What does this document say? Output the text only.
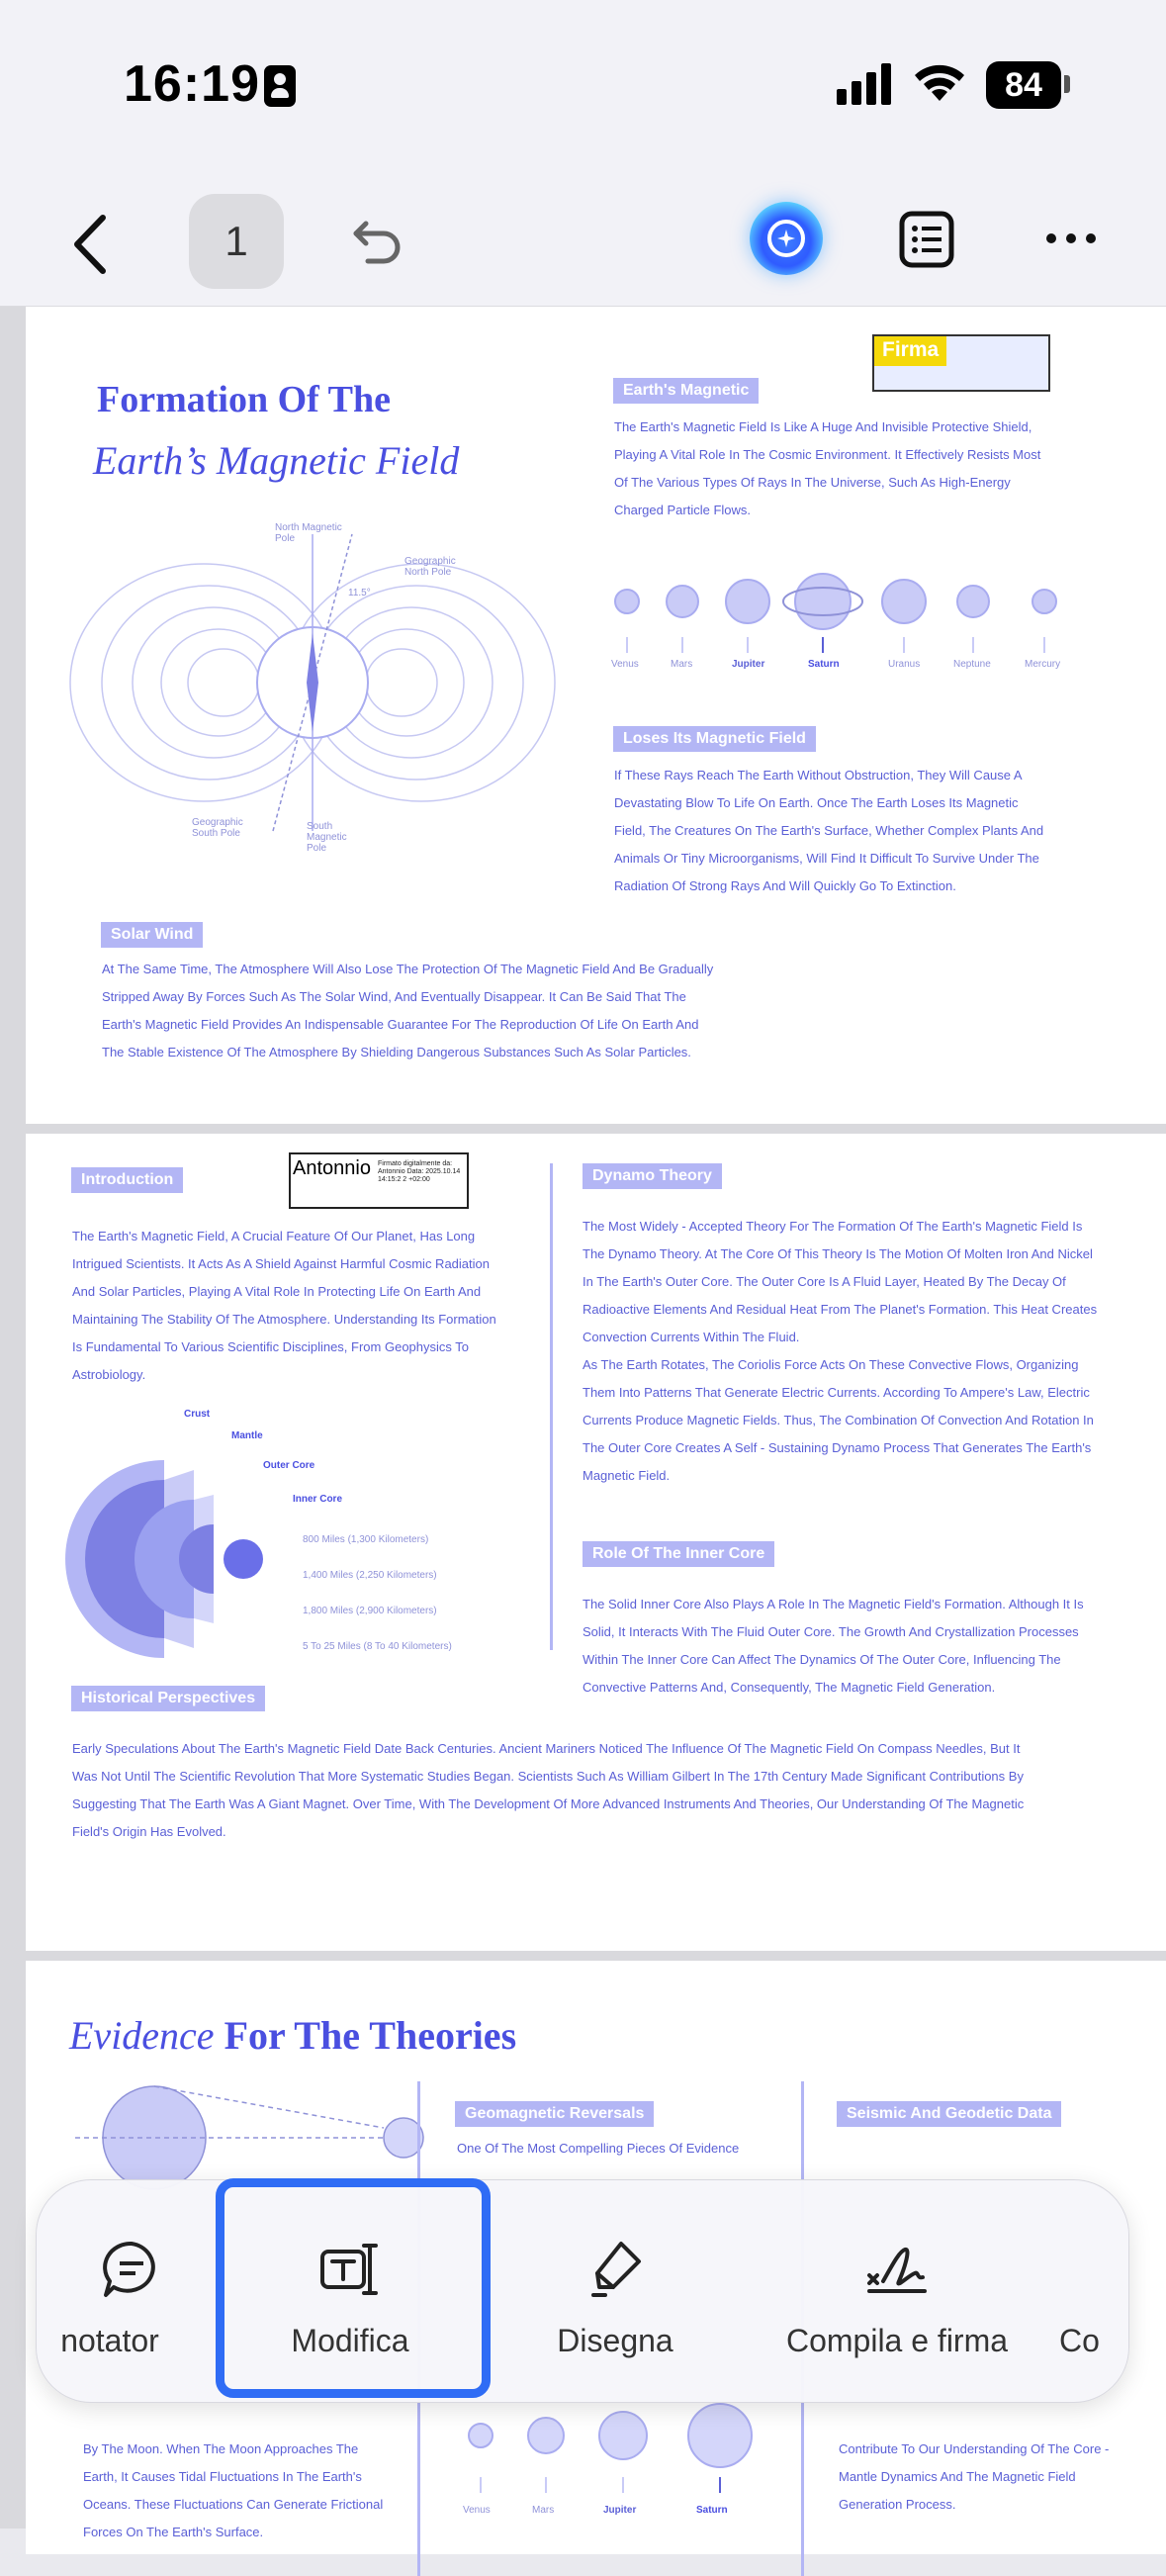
16:19	84
1
Formation Of The
Earth’s Magnetic Field
North Magnetic Pole
Geographic North Pole
11.5°
Geographic South Pole
South Magnetic Pole
Firma
Earth's Magnetic
The Earth's Magnetic Field Is Like A Huge And Invisible Protective Shield,
Playing A Vital Role In The Cosmic Environment. It Effectively Resists Most
Of The Various Types Of Rays In The Universe, Such As High-Energy
Charged Particle Flows.
Venus	Mars	Jupiter	Saturn	Uranus	Neptune	Mercury
Loses Its Magnetic Field
If These Rays Reach The Earth Without Obstruction, They Will Cause A
Devastating Blow To Life On Earth. Once The Earth Loses Its Magnetic
Field, The Creatures On The Earth's Surface, Whether Complex Plants And
Animals Or Tiny Microorganisms, Will Find It Difficult To Survive Under The
Radiation Of Strong Rays And Will Quickly Go To Extinction.
Solar Wind
At The Same Time, The Atmosphere Will Also Lose The Protection Of The Magnetic Field And Be Gradually
Stripped Away By Forces Such As The Solar Wind, And Eventually Disappear. It Can Be Said That The
Earth's Magnetic Field Provides An Indispensable Guarantee For The Reproduction Of Life On Earth And
The Stable Existence Of The Atmosphere By Shielding Dangerous Substances Such As Solar Particles.
Antonnio Firmato digitalmente da: Antonnio Data: 2025.10.14 14:15:2 2 +02:00
Introduction
The Earth's Magnetic Field, A Crucial Feature Of Our Planet, Has Long
Intrigued Scientists. It Acts As A Shield Against Harmful Cosmic Radiation
And Solar Particles, Playing A Vital Role In Protecting Life On Earth And
Maintaining The Stability Of The Atmosphere. Understanding Its Formation
Is Fundamental To Various Scientific Disciplines, From Geophysics To
Astrobiology.
Crust
Mantle
Outer Core
Inner Core
800 Miles (1,300 Kilometers)
1,400 Miles (2,250 Kilometers)
1,800 Miles (2,900 Kilometers)
5 To 25 Miles (8 To 40 Kilometers)
Dynamo Theory
The Most Widely - Accepted Theory For The Formation Of The Earth's Magnetic Field Is
The Dynamo Theory. At The Core Of This Theory Is The Motion Of Molten Iron And Nickel
In The Earth's Outer Core. The Outer Core Is A Fluid Layer, Heated By The Decay Of
Radioactive Elements And Residual Heat From The Planet's Formation. This Heat Creates
Convection Currents Within The Fluid.
As The Earth Rotates, The Coriolis Force Acts On These Convective Flows, Organizing
Them Into Patterns That Generate Electric Currents. According To Ampere's Law, Electric
Currents Produce Magnetic Fields. Thus, The Combination Of Convection And Rotation In
The Outer Core Creates A Self - Sustaining Dynamo Process That Generates The Earth's
Magnetic Field.
Role Of The Inner Core
The Solid Inner Core Also Plays A Role In The Magnetic Field's Formation. Although It Is
Solid, It Interacts With The Fluid Outer Core. The Growth And Crystallization Processes
Within The Inner Core Can Affect The Dynamics Of The Outer Core, Influencing The
Convective Patterns And, Consequently, The Magnetic Field Generation.
Historical Perspectives
Early Speculations About The Earth's Magnetic Field Date Back Centuries. Ancient Mariners Noticed The Influence Of The Magnetic Field On Compass Needles, But It
Was Not Until The Scientific Revolution That More Systematic Studies Began. Scientists Such As William Gilbert In The 17th Century Made Significant Contributions By
Suggesting That The Earth Was A Giant Magnet. Over Time, With The Development Of More Advanced Instruments And Theories, Our Understanding Of The Magnetic
Field's Origin Has Evolved.
Evidence For The Theories
Geomagnetic Reversals
One Of The Most Compelling Pieces Of Evidence
Seismic And Geodetic Data
By The Moon. When The Moon Approaches The
Earth, It Causes Tidal Fluctuations In The Earth's
Oceans. These Fluctuations Can Generate Frictional
Forces On The Earth's Surface.
Venus	Mars	Jupiter	Saturn
Contribute To Our Understanding Of The Core -
Mantle Dynamics And The Magnetic Field
Generation Process.
notator	Modifica	Disegna	Compila e firma	Co
